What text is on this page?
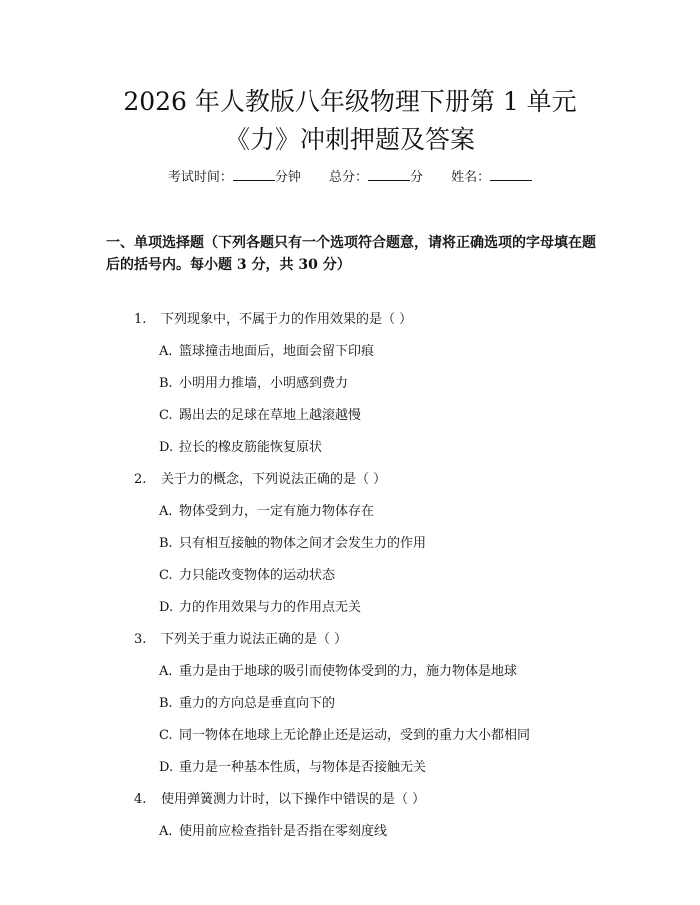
2026 年人教版八年级物理下册第 1 单元
《力》冲刺押题及答案
考试时间：	分钟 总分：	分 姓名：
一、单项选择题（下列各题只有一个选项符合题意，请将正确选项的字母填在题后的括号内。每小题 3 分，共 30 分）
1. 下列现象中，不属于力的作用效果的是（ ）
A. 篮球撞击地面后，地面会留下印痕
B. 小明用力推墙，小明感到费力
C. 踢出去的足球在草地上越滚越慢
D. 拉长的橡皮筋能恢复原状
2. 关于力的概念，下列说法正确的是（ ）
A. 物体受到力，一定有施力物体存在
B. 只有相互接触的物体之间才会发生力的作用
C. 力只能改变物体的运动状态
D. 力的作用效果与力的作用点无关
3. 下列关于重力说法正确的是（ ）
A. 重力是由于地球的吸引而使物体受到的力，施力物体是地球
B. 重力的方向总是垂直向下的
C. 同一物体在地球上无论静止还是运动，受到的重力大小都相同
D. 重力是一种基本性质，与物体是否接触无关
4. 使用弹簧测力计时，以下操作中错误的是（ ）
A. 使用前应检查指针是否指在零刻度线
